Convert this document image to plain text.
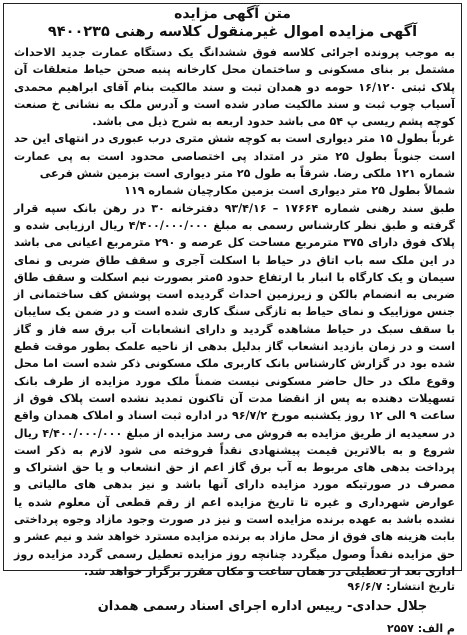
متن آگهی مزایده
آگهی مزایده اموال غیرمنقول کلاسه رهنی ۹۴۰۰۲۳۵

به موجب پرونده اجرائی کلاسه فوق ششدانگ یک دستگاه عمارت جدید الاحداث مشتمل بر بنای مسکونی و ساختمان محل کارخانه پنبه صحن حیاط متعلقات آن پلاک ثبتی ۱۶/۱۲۰ حومه دو همدان ثبت و سند مالکیت بنام آقای ابراهیم محمدی آسیاب چوب ثبت و سند مالکیت صادر شده است و آدرس ملک به نشانی خ صنعت کوچه پشم ریسی پ ۵۴ می باشد حدود اربعه به شرح ذیل می باشد.

غرباً بطول ۱۵ متر دیواری است به کوچه شش متری درب عبوری در انتهای این حد است جنوباً بطول ۲۵ متر در امتداد پی اختصاصی محدود است به پی عمارت شماره ۱۲۱ ملکی رضا. شرقاً به طول ۲۵ متر دیواری است بزمین شش فرعی

شمالاً بطول ۲۵ متر دیواری است بزمین مکارچیان شماره ۱۱۹

طبق سند رهنی شماره ۱۷۶۶۴ – ۹۳/۴/۱۶ دفترخانه ۳۰ در رهن بانک سپه قرار گرفته و طبق نظر کارشناس رسمی به مبلغ ۴/۴۰۰/۰۰۰/۰۰۰ ریال ارزیابی شده و پلاک فوق دارای ۳۷۵ مترمربع مساحت کل عرصه و ۲۹۰ مترمربع اعیانی می باشد در این ملک سه باب اتاق در حیاط با اسکلت آجری و سقف طاق ضربی و نمای سیمان و یک کارگاه با انبار با ارتفاع حدود ۵متر بصورت نیم اسکلت و سقف طاق ضربی به انضمام بالکن و زیرزمین احداث گردیده است پوشش کف ساختمانی از جنس موزاییک و نمای حیاط به تازگی سنگ کاری شده است و در ضمن یک سایبان با سقف سبک در حیاط مشاهده گردید و دارای انشعابات آب برق سه فاز و گاز است و در زمان بازدید انشعاب گاز بدلیل بدهی از ناحیه علمک بطور موقت قطع شده بود در گزارش کارشناس بانک کاربری ملک مسکونی ذکر شده است اما محل وقوع ملک در حال حاضر مسکونی نیست ضمناً ملک مورد مزایده از طرف بانک تسهیلات دهنده به پس از انقضا مدت آن تاکنون تمدید نشده است پلاک فوق از ساعت ۹ الی ۱۲ روز یکشنبه مورخ ۹۶/۷/۲ در اداره ثبت اسناد و املاک همدان واقع در سعیدیه از طریق مزایده به فروش می رسد مزایده از مبلغ ۴/۴۰۰/۰۰۰/۰۰۰ ریال شروع و به بالاترین قیمت پیشنهادی نقداً فروخته می شود لازم به ذکر است پرداخت بدهی های مربوط به آب برق گاز اعم از حق انشعاب و یا حق اشتراک و مصرف در صورتیکه مورد مزایده دارای آنها باشد و نیز بدهی های مالیاتی و عوارض شهرداری و غیره تا تاریخ مزایده اعم از رقم قطعی آن معلوم شده یا نشده باشد به عهده برنده مزایده است و نیز در صورت وجود مازاد وجوه پرداختی بابت هزینه های فوق از محل مازاد به برنده مزایده مسترد خواهد شد و نیم عشر و حق مزایده نقداً وصول میگردد چنانچه روز مزایده تعطیل رسمی گردد مزایده روز اداری بعد از تعطیلی در همان ساعت و مکان مقرر برگزار خواهد شد.

تاریخ انتشار: ۹۶/۶/۷
جلال حدادی- رییس اداره اجرای اسناد رسمی همدان
م الف: ۲۵۵۷
